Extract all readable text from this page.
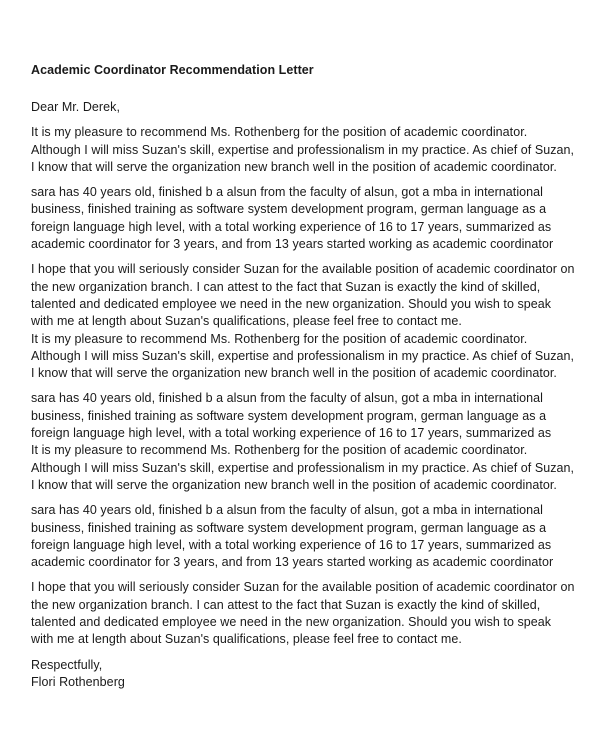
Academic Coordinator Recommendation Letter
Dear Mr. Derek,
It is my pleasure to recommend Ms. Rothenberg for the position of academic coordinator.
Although I will miss Suzan's skill, expertise and professionalism in my practice. As chief of Suzan,
I know that will serve the organization new branch well in the position of academic coordinator.
sara has 40 years old, finished b a alsun from the faculty of alsun, got a mba in international
business, finished training as software system development program, german language as a
foreign language high level, with a total working experience of 16 to 17 years, summarized as
academic coordinator for 3 years, and from 13 years started working as academic coordinator
I hope that you will seriously consider Suzan for the available position of academic coordinator on
the new organization branch. I can attest to the fact that Suzan is exactly the kind of skilled,
talented and dedicated employee we need in the new organization. Should you wish to speak
with me at length about Suzan's qualifications, please feel free to contact me.
It is my pleasure to recommend Ms. Rothenberg for the position of academic coordinator.
Although I will miss Suzan's skill, expertise and professionalism in my practice. As chief of Suzan,
I know that will serve the organization new branch well in the position of academic coordinator.
sara has 40 years old, finished b a alsun from the faculty of alsun, got a mba in international
business, finished training as software system development program, german language as a
foreign language high level, with a total working experience of 16 to 17 years, summarized as
It is my pleasure to recommend Ms. Rothenberg for the position of academic coordinator.
Although I will miss Suzan's skill, expertise and professionalism in my practice. As chief of Suzan,
I know that will serve the organization new branch well in the position of academic coordinator.
sara has 40 years old, finished b a alsun from the faculty of alsun, got a mba in international
business, finished training as software system development program, german language as a
foreign language high level, with a total working experience of 16 to 17 years, summarized as
academic coordinator for 3 years, and from 13 years started working as academic coordinator
I hope that you will seriously consider Suzan for the available position of academic coordinator on
the new organization branch. I can attest to the fact that Suzan is exactly the kind of skilled,
talented and dedicated employee we need in the new organization. Should you wish to speak
with me at length about Suzan's qualifications, please feel free to contact me.
Respectfully,
Flori Rothenberg
